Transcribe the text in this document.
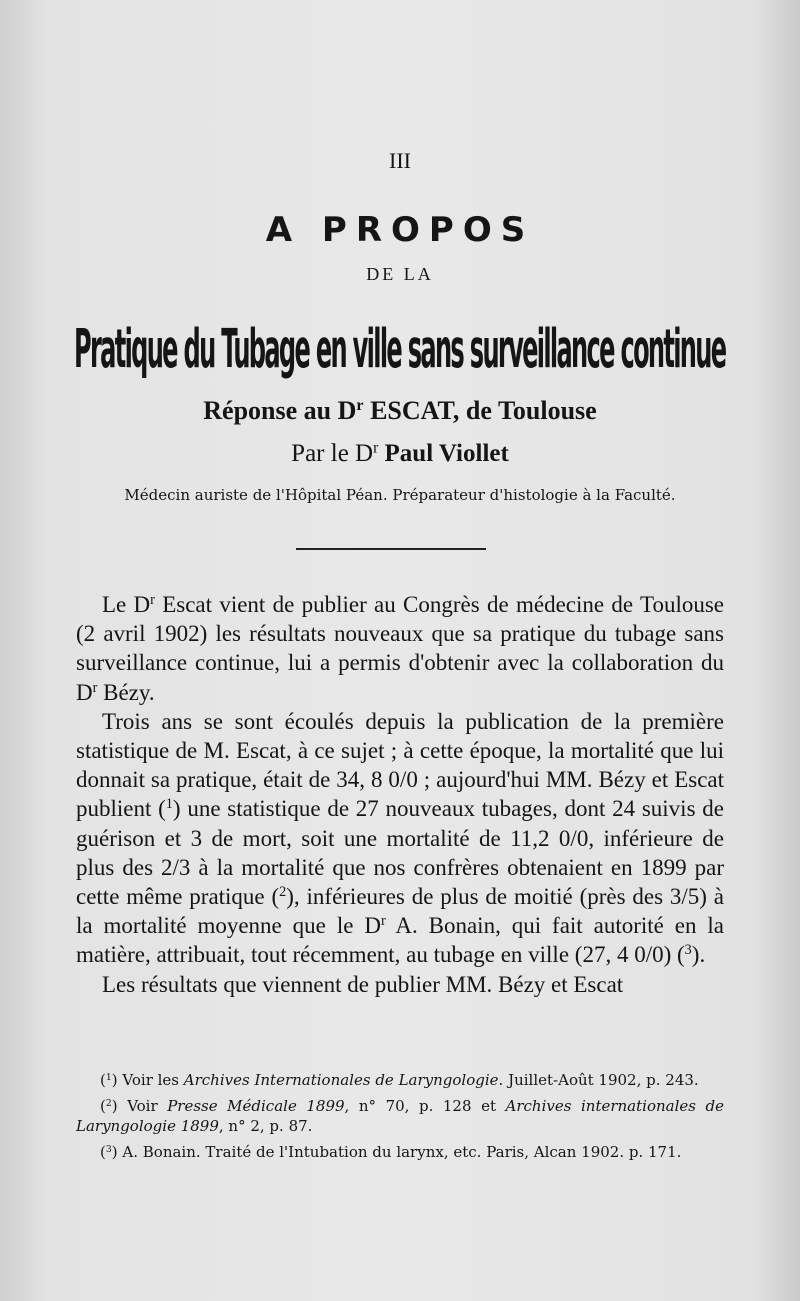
III
A PROPOS
DE LA
Pratique du Tubage en ville sans surveillance continue
Réponse au $D^r$ ESCAT, de Toulouse
Par le $D^r$ Paul Viollet
Médecin auriste de l'Hôpital Péan. Préparateur d'histologie à la Faculté.

Le $D^r$ Escat vient de publier au Congrès de médecine de Toulouse (2 avril 1902) les résultats nouveaux que sa pratique du tubage sans surveillance continue, lui a permis d'obtenir avec la collaboration du $D^r$ Bézy.

Trois ans se sont écoulés depuis la publication de la première statistique de M. Escat, à ce sujet ; à cette époque, la mortalité que lui donnait sa pratique, était de 34, 8 0/0 ; aujourd'hui MM. Bézy et Escat publient ($^1$) une statistique de 27 nouveaux tubages, dont 24 suivis de guérison et 3 de mort, soit une mortalité de 11,2 0/0, inférieure de plus des 2/3 à la mortalité que nos confrères obtenaient en 1899 par cette même pratique ($^2$), inférieures de plus de moitié (près des 3/5) à la mortalité moyenne que le $D^r$ A. Bonain, qui fait autorité en la matière, attribuait, tout récemment, au tubage en ville (27, 4 0/0) ($^3$).

Les résultats que viennent de publier MM. Bézy et Escat

($^1$) Voir les Archives Internationales de Laryngologie. Juillet-Août 1902, p. 243.

($^2$) Voir Presse Médicale 1899, n° 70, p. 128 et Archives internationales de Laryngologie 1899, n° 2, p. 87.

($^3$) A. Bonain. Traité de l'Intubation du larynx, etc. Paris, Alcan 1902. p. 171.
